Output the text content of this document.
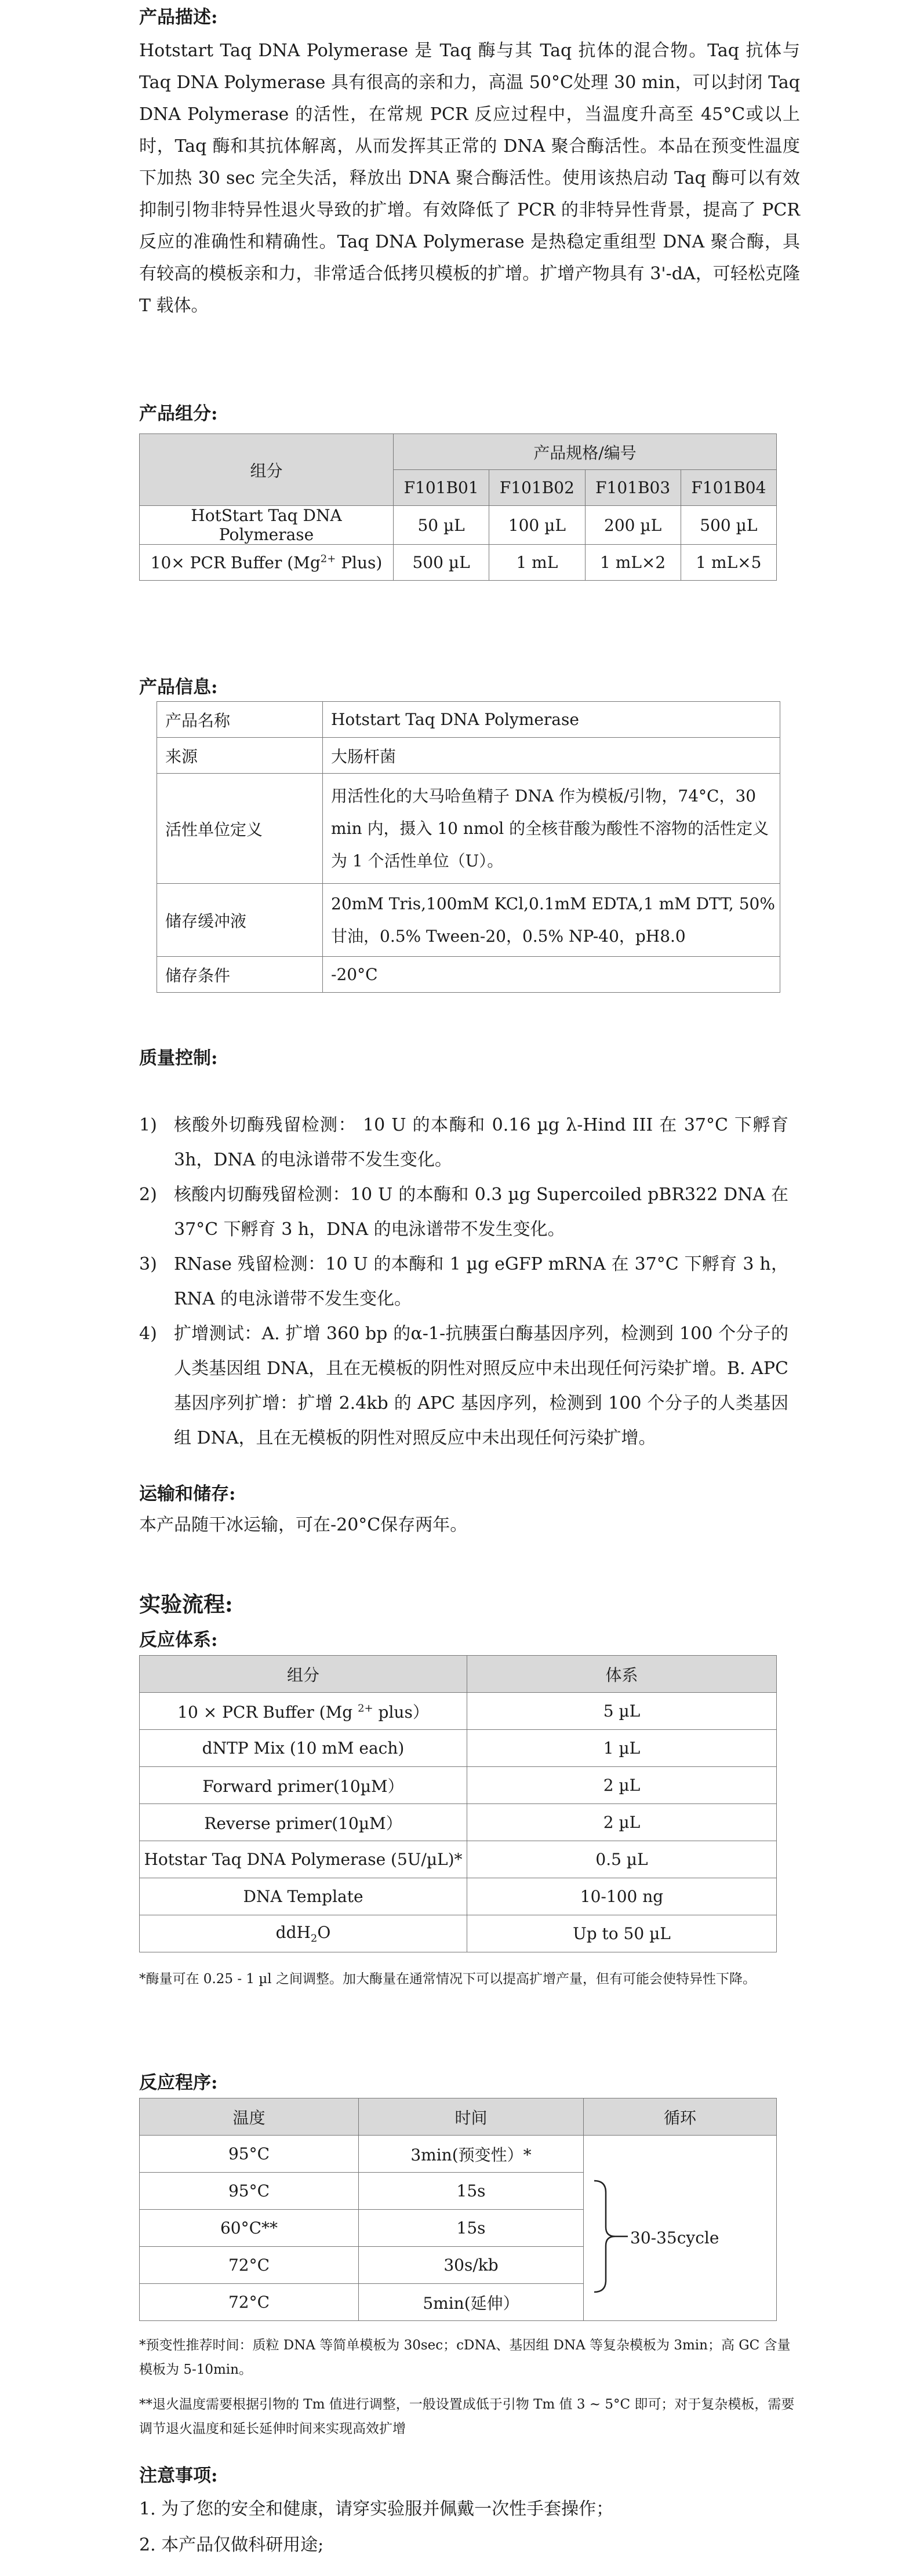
产品描述:

Hotstart Taq DNA Polymerase 是 Taq 酶与其 Taq 抗体的混合物。Taq 抗体与 Taq DNA Polymerase 具有很高的亲和力，高温 50°C处理 30 min，可以封闭 Taq DNA Polymerase 的活性，在常规 PCR 反应过程中，当温度升高至 45°C或以上时，Taq 酶和其抗体解离，从而发挥其正常的 DNA 聚合酶活性。本品在预变性温度下加热 30 sec 完全失活，释放出 DNA 聚合酶活性。使用该热启动 Taq 酶可以有效抑制引物非特异性退火导致的扩增。有效降低了 PCR 的非特异性背景，提高了 PCR 反应的准确性和精确性。Taq DNA Polymerase 是热稳定重组型 DNA 聚合酶，具有较高的模板亲和力，非常适合低拷贝模板的扩增。扩增产物具有 3'-dA，可轻松克隆 T 载体。

产品组分:
组分	产品规格/编号			
	F101B01	F101B02	F101B03	F101B04
HotStart Taq DNA Polymerase	50 µL	100 µL	200 µL	500 µL
10× PCR Buffer ($Mg^{2+}$ Plus)	500 µL	1 mL	1 mL×2	1 mL×5
产品信息:
产品名称	Hotstart Taq DNA Polymerase
来源	大肠杆菌
活性单位定义	用活性化的大马哈鱼精子 DNA 作为模板/引物，74°C，30 min 内，摄入 10 nmol 的全核苷酸为酸性不溶物的活性定义为 1 个活性单位（U）。
储存缓冲液	20mM Tris,100mM KCl,0.1mM EDTA,1 mM DTT, 50%甘油，0.5% Tween-20，0.5% NP-40，pH8.0
储存条件	-20°C
质量控制:
1) 核酸外切酶残留检测： 10 U 的本酶和 0.16 µg λ-Hind III 在 37°C 下孵育 3h，DNA 的电泳谱带不发生变化。
2) 核酸内切酶残留检测：10 U 的本酶和 0.3 µg Supercoiled pBR322 DNA 在 37°C 下孵育 3 h，DNA 的电泳谱带不发生变化。
3) RNase 残留检测：10 U 的本酶和 1 µg eGFP mRNA 在 37°C 下孵育 3 h，RNA 的电泳谱带不发生变化。
4) 扩增测试：A. 扩增 360 bp 的α-1-抗胰蛋白酶基因序列，检测到 100 个分子的人类基因组 DNA，且在无模板的阴性对照反应中未出现任何污染扩增。B. APC 基因序列扩增：扩增 2.4kb 的 APC 基因序列，检测到 100 个分子的人类基因组 DNA，且在无模板的阴性对照反应中未出现任何污染扩增。
运输和储存:

本产品随干冰运输，可在-20°C保存两年。

实验流程:
反应体系:
组分	体系
10 × PCR Buffer (Mg $^{2+}$ plus）	5 µL
dNTP Mix (10 mM each)	1 µL
Forward primer(10µM）	2 µL
Reverse primer(10µM）	2 µL
Hotstar Taq DNA Polymerase (5U/µL)*	0.5 µL
DNA Template	10-100 ng
ddH$_2$O	Up to 50 µL

*酶量可在 0.25 - 1 µl 之间调整。加大酶量在通常情况下可以提高扩增产量，但有可能会使特异性下降。

反应程序:
温度	时间	循环
95°C	3min(预变性）*	30-35cycle

95°C	15s	
60°C**	15s	
72°C	30s/kb	
72°C	5min(延伸）	

*预变性推荐时间：质粒 DNA 等简单模板为 30sec；cDNA、基因组 DNA 等复杂模板为 3min；高 GC 含量模板为 5-10min。

**退火温度需要根据引物的 Tm 值进行调整，一般设置成低于引物 Tm 值 3 ~ 5°C 即可；对于复杂模板，需要调节退火温度和延长延伸时间来实现高效扩增

注意事项:
1. 为了您的安全和健康，请穿实验服并佩戴一次性手套操作；
2. 本产品仅做科研用途;
